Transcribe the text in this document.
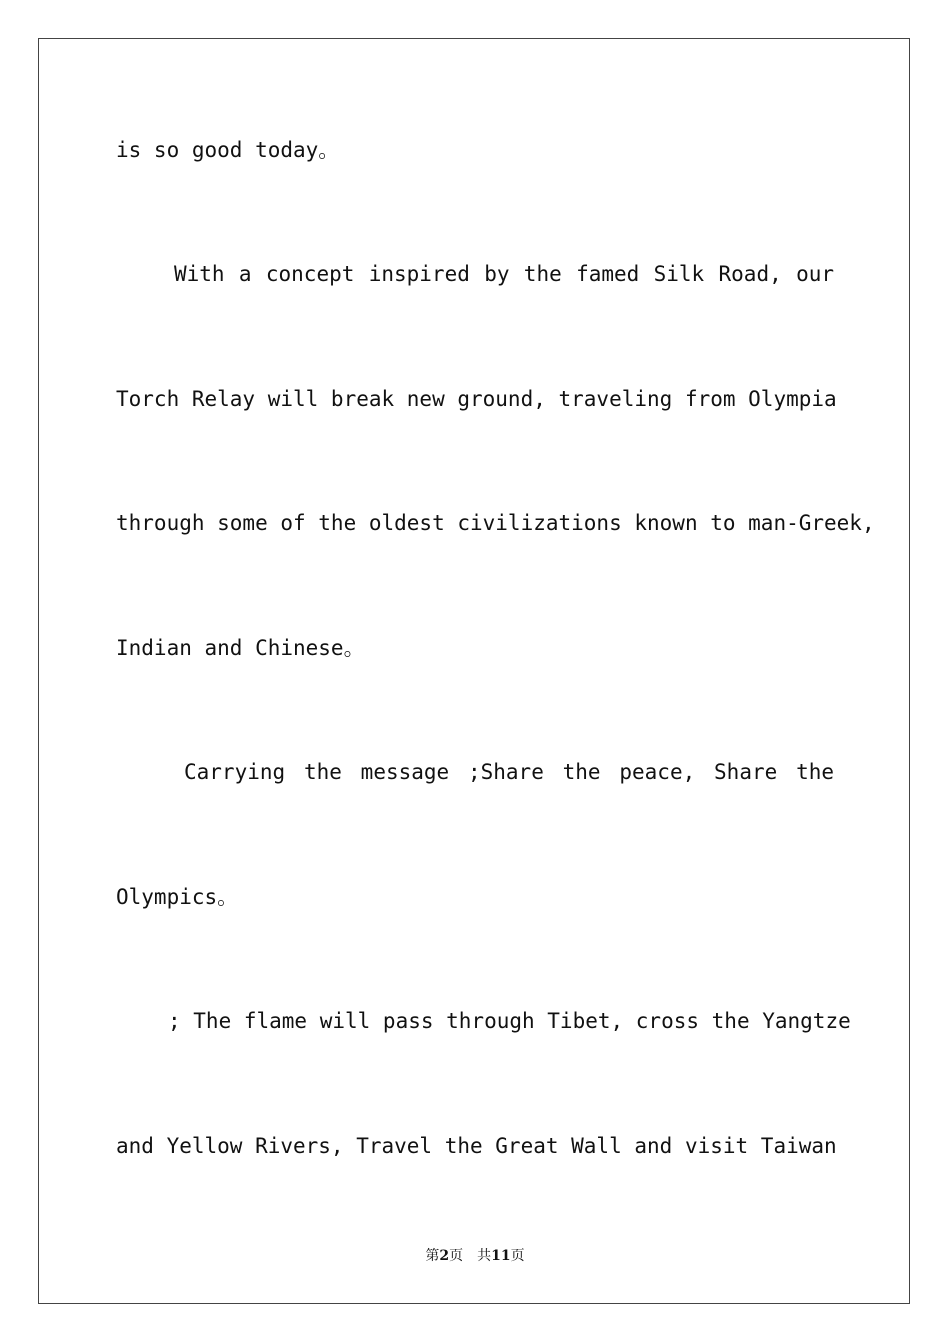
is so good today。
With a concept inspired by the famed Silk Road, our
Torch Relay will break new ground, traveling from Olympia
through some of the oldest civilizations known to man-Greek,
Indian and Chinese。
Carrying the message ;Share the peace, Share the
Olympics。
; The flame will pass through Tibet, cross the Yangtze
and Yellow Rivers, Travel the Great Wall and visit Taiwan
第2页　共11页
